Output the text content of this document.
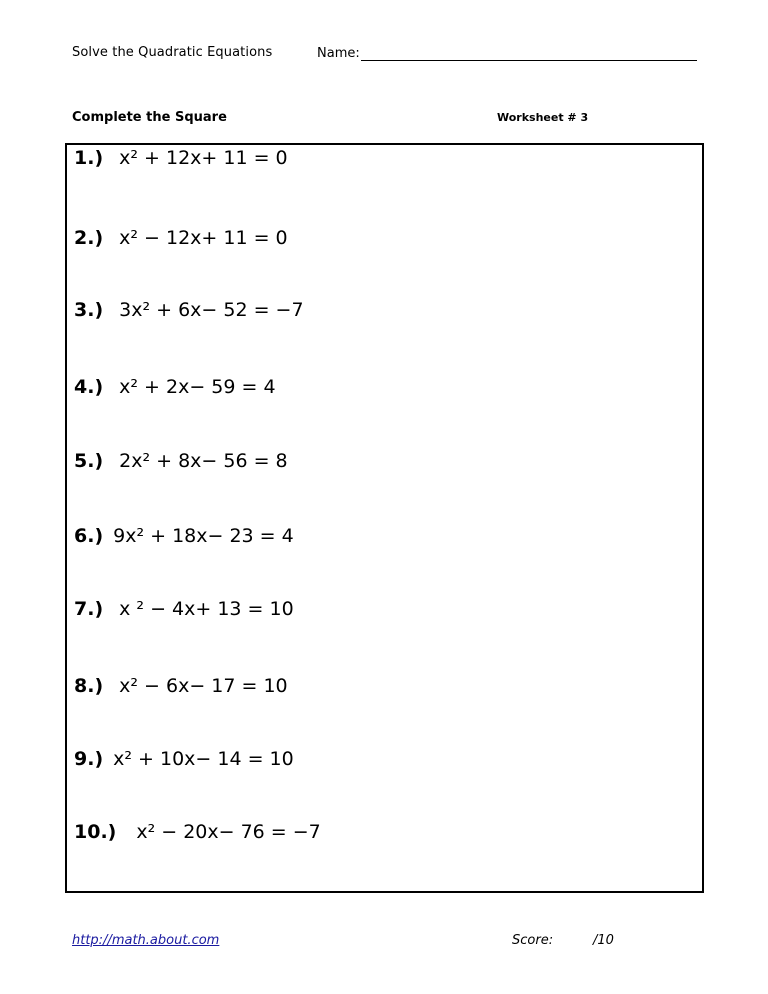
Solve the Quadratic Equations	Name:
Complete the Square	Worksheet # 3
1.) x² + 12x+ 11 = 0
2.) x² − 12x+ 11 = 0
3.) 3x² + 6x− 52 = −7
4.) x² + 2x− 59 = 4
5.) 2x² + 8x− 56 = 8
6.) 9x² + 18x− 23 = 4
7.) x ² − 4x+ 13 = 10
8.) x² − 6x− 17 = 10
9.) x² + 10x− 14 = 10
10.) x² − 20x− 76 = −7
http://math.about.com	Score:	/10
